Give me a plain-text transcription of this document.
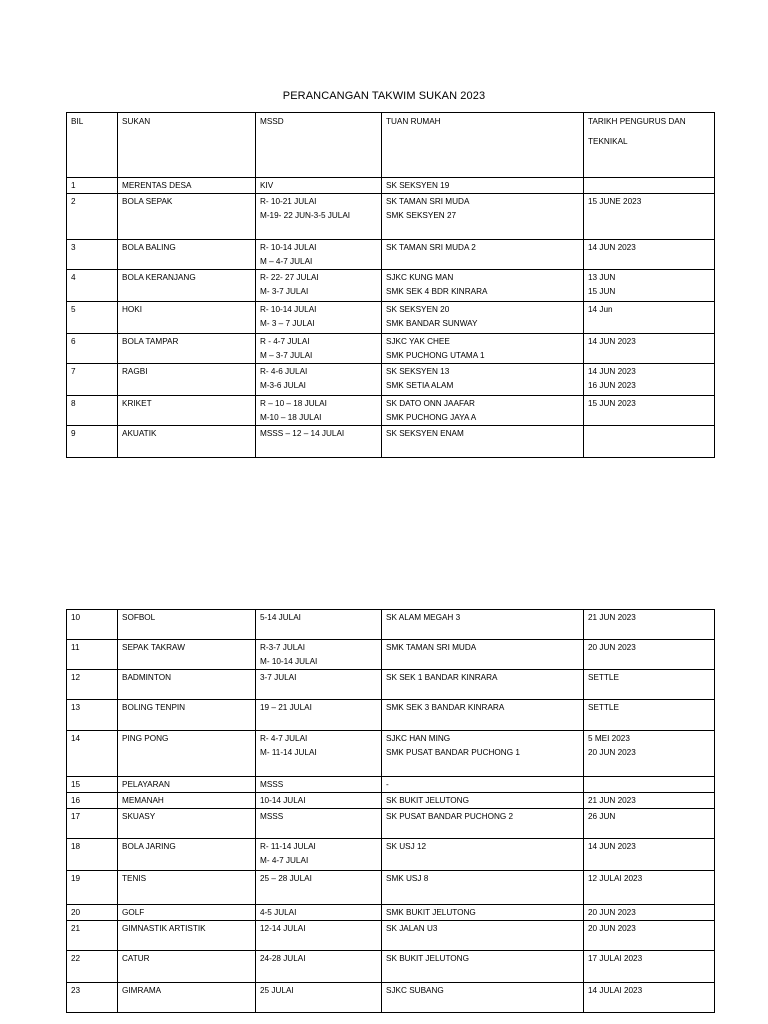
PERANCANGAN TAKWIM SUKAN 2023
BIL	SUKAN	MSSD	TUAN RUMAH	TARIKH PENGURUS DAN
TEKNIKAL

1	MERENTAS DESA	KIV	SK SEKSYEN 19	

2	BOLA SEPAK	R- 10-21 JULAI
M-19- 22 JUN-3-5 JULAI	SK TAMAN SRI MUDA
SMK SEKSYEN 27	15 JUNE 2023

3	BOLA BALING	R- 10-14 JULAI
M – 4-7 JULAI	SK TAMAN SRI MUDA 2	14 JUN 2023

4	BOLA KERANJANG	R- 22- 27 JULAI
M- 3-7 JULAI	SJKC KUNG MAN
SMK SEK 4 BDR KINRARA	13 JUN
15 JUN

5	HOKI	R- 10-14 JULAI
M- 3 – 7 JULAI	SK SEKSYEN 20
SMK BANDAR SUNWAY	14 Jun

6	BOLA TAMPAR	R - 4-7 JULAI
M – 3-7 JULAI	SJKC YAK CHEE
SMK PUCHONG UTAMA 1	14 JUN 2023

7	RAGBI	R- 4-6 JULAI
M-3-6 JULAI	SK SEKSYEN 13
SMK SETIA ALAM	14 JUN 2023
16 JUN 2023

8	KRIKET	R – 10 – 18 JULAI
M-10 – 18 JULAI	SK DATO ONN JAAFAR
SMK PUCHONG JAYA A	15 JUN 2023

9	AKUATIK	MSSS – 12 – 14 JULAI	SK SEKSYEN ENAM	

10	SOFBOL	5-14 JULAI	SK ALAM MEGAH 3	21 JUN 2023

11	SEPAK TAKRAW	R-3-7 JULAI
M- 10-14 JULAI	SMK TAMAN SRI MUDA	20 JUN 2023

12	BADMINTON	3-7 JULAI	SK SEK 1 BANDAR KINRARA	SETTLE

13	BOLING TENPIN	19 – 21 JULAI	SMK SEK 3 BANDAR KINRARA	SETTLE

14	PING PONG	R- 4-7 JULAI
M- 11-14 JULAI	SJKC HAN MING
SMK PUSAT BANDAR PUCHONG 1	5 MEI 2023
20 JUN 2023

15	PELAYARAN	MSSS	-	

16	MEMANAH	10-14 JULAI	SK BUKIT JELUTONG	21 JUN 2023

17	SKUASY	MSSS	SK PUSAT BANDAR PUCHONG 2	26 JUN

18	BOLA JARING	R- 11-14 JULAI
M- 4-7 JULAI	SK USJ 12	14 JUN 2023

19	TENIS	25 – 28 JULAI	SMK USJ 8	12 JULAI 2023

20	GOLF	4-5 JULAI	SMK BUKIT JELUTONG	20 JUN 2023

21	GIMNASTIK ARTISTIK	12-14 JULAI	SK JALAN U3	20 JUN 2023

22	CATUR	24-28 JULAI	SK BUKIT JELUTONG	17 JULAI 2023

23	GIMRAMA	25 JULAI	SJKC SUBANG	14 JULAI 2023
